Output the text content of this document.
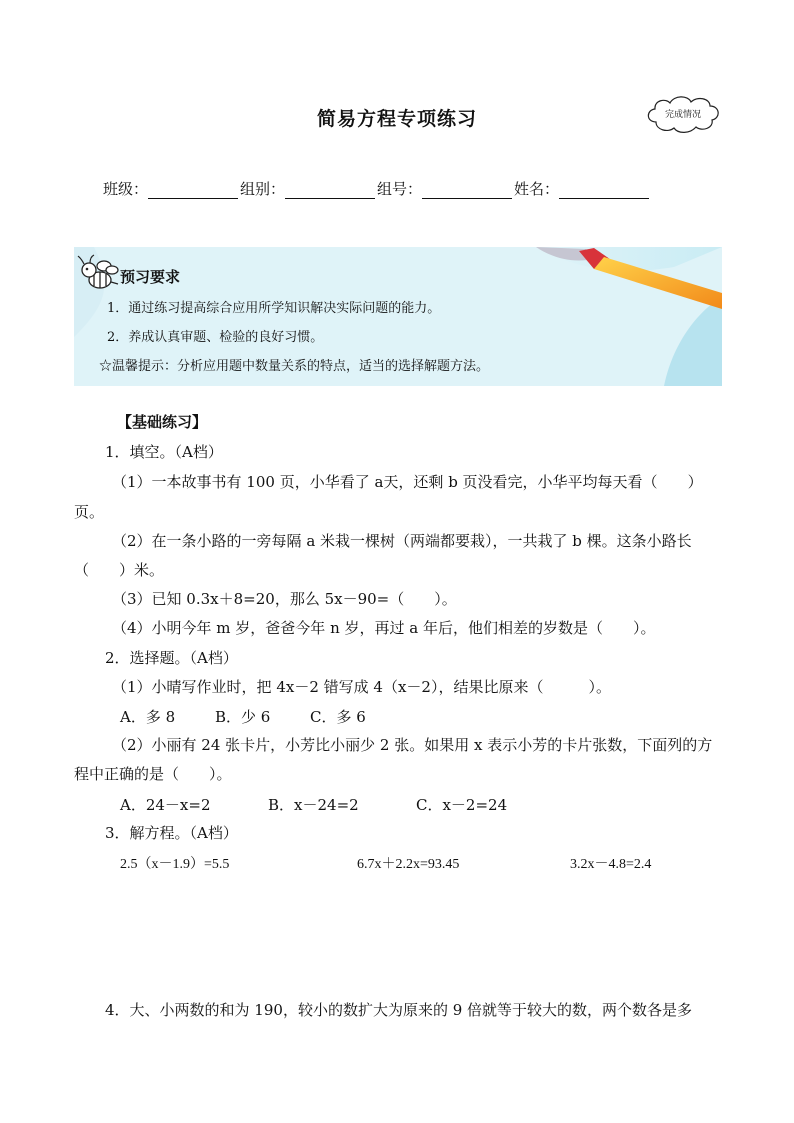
简易方程专项练习	完成情况
班级：	组别：	组号：	姓名：
预习要求
1．通过练习提高综合应用所学知识解决实际问题的能力。
2．养成认真审题、检验的良好习惯。
☆温馨提示：分析应用题中数量关系的特点，适当的选择解题方法。
【基础练习】
1．填空。（A档）
（1）一本故事书有 100 页，小华看了 a天，还剩 b 页没看完，小华平均每天看（　　）
页。
（2）在一条小路的一旁每隔 a 米栽一棵树（两端都要栽），一共栽了 b 棵。这条小路长
（　　）米。
（3）已知 0.3x＋8=20，那么 5x－90=（　　）。
（4）小明今年 m 岁，爸爸今年 n 岁，再过 a 年后，他们相差的岁数是（　　）。
2．选择题。（A档）
（1）小晴写作业时，把 4x－2 错写成 4（x－2），结果比原来（　　　）。
A．多 8	B．少 6	C．多 6
（2）小丽有 24 张卡片，小芳比小丽少 2 张。如果用 x 表示小芳的卡片张数，下面列的方
程中正确的是（　　）。
A．24－x=2	B．x－24=2	C．x－2=24
3．解方程。（A档）
2.5（x－1.9）=5.5	6.7x＋2.2x=93.45	3.2x－4.8=2.4
4．大、小两数的和为 190，较小的数扩大为原来的 9 倍就等于较大的数，两个数各是多
